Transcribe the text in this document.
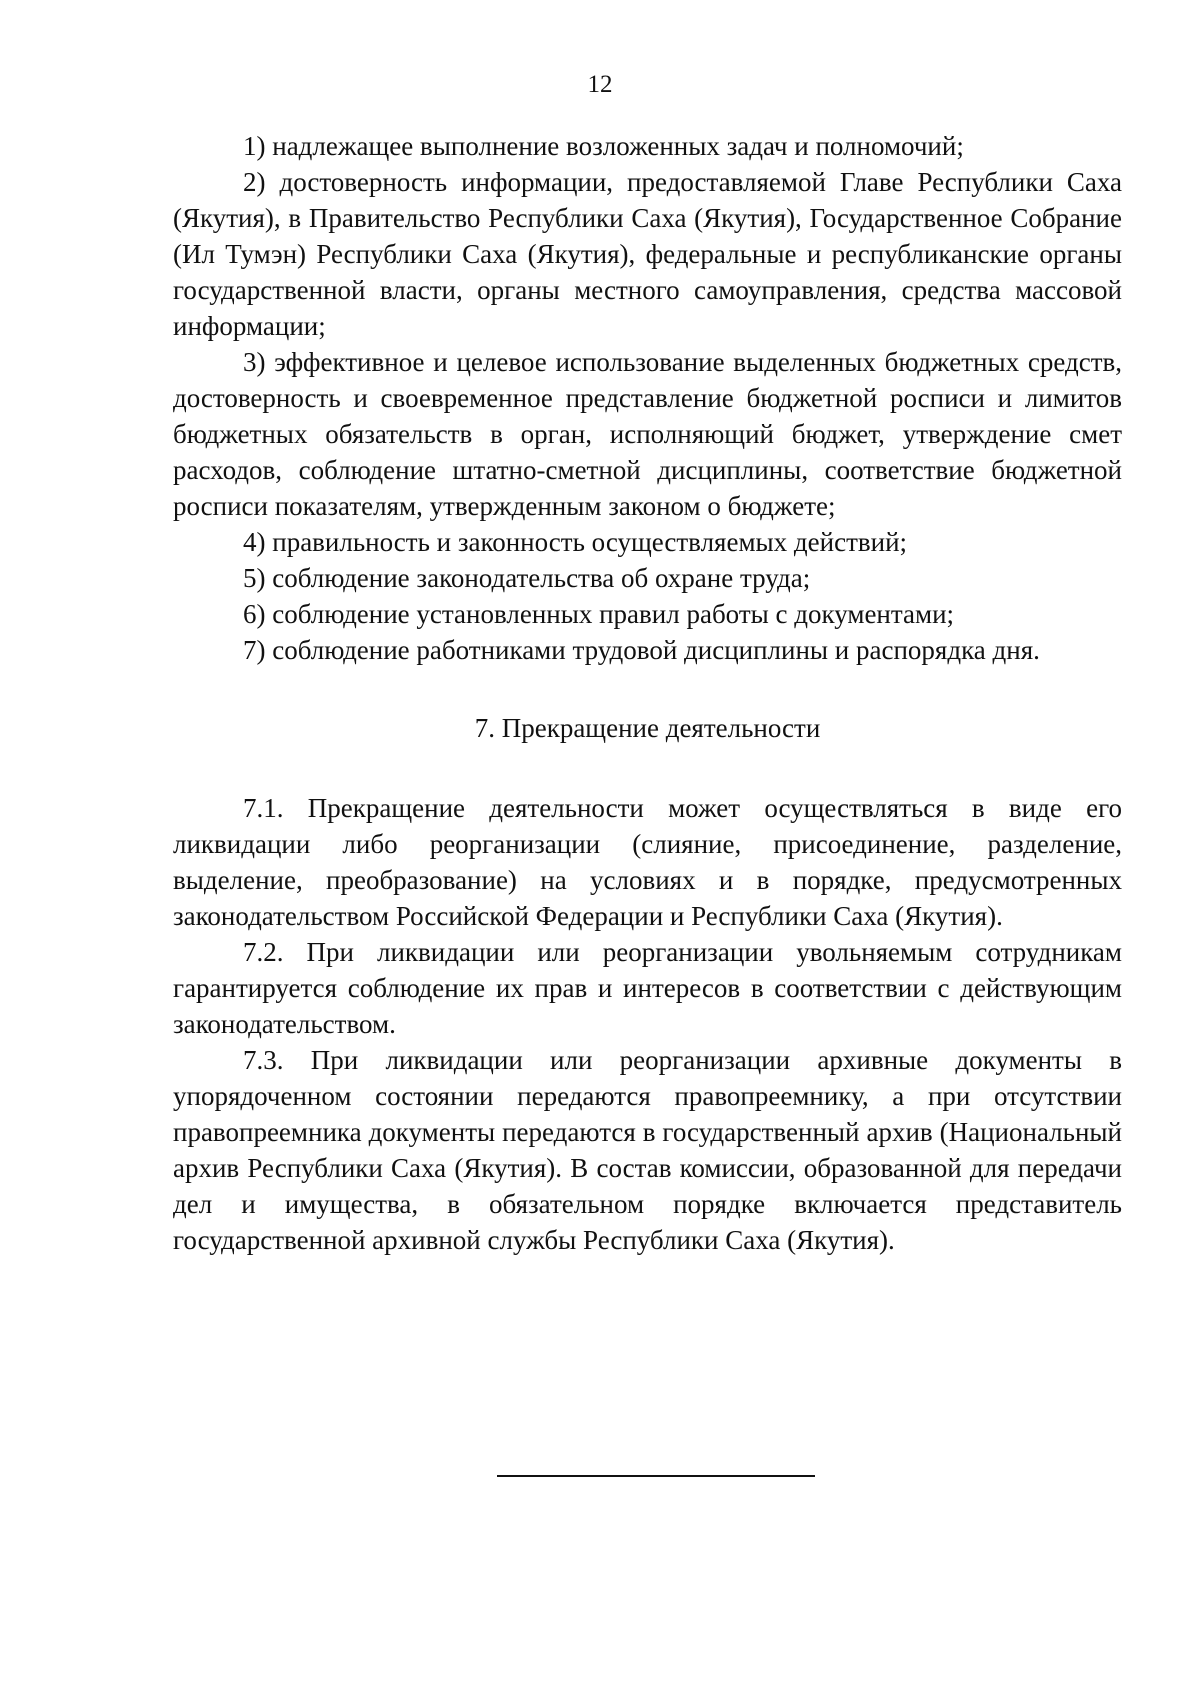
12

1) надлежащее выполнение возложенных задач и полномочий;

2) достоверность информации, предоставляемой Главе Республики Саха (Якутия), в Правительство Республики Саха (Якутия), Государственное Собрание (Ил Тумэн) Республики Саха (Якутия), федеральные и республиканские органы государственной власти, органы местного самоуправления, средства массовой информации;

3) эффективное и целевое использование выделенных бюджетных средств, достоверность и своевременное представление бюджетной росписи и лимитов бюджетных обязательств в орган, исполняющий бюджет, утверждение смет расходов, соблюдение штатно-сметной дисциплины, соответствие бюджетной росписи показателям, утвержденным законом о бюджете;

4) правильность и законность осуществляемых действий;

5) соблюдение законодательства об охране труда;

6) соблюдение установленных правил работы с документами;

7) соблюдение работниками трудовой дисциплины и распорядка дня.

7. Прекращение деятельности

7.1. Прекращение деятельности может осуществляться в виде его ликвидации либо реорганизации (слияние, присоединение, разделение, выделение, преобразование) на условиях и в порядке, предусмотренных законодательством Российской Федерации и Республики Саха (Якутия).

7.2. При ликвидации или реорганизации увольняемым сотрудникам гарантируется соблюдение их прав и интересов в соответствии с действующим законодательством.

7.3. При ликвидации или реорганизации архивные документы в упорядоченном состоянии передаются правопреемнику, а при отсутствии правопреемника документы передаются в государственный архив (Национальный архив Республики Саха (Якутия). В состав комиссии, образованной для передачи дел и имущества, в обязательном порядке включается представитель государственной архивной службы Республики Саха (Якутия).
